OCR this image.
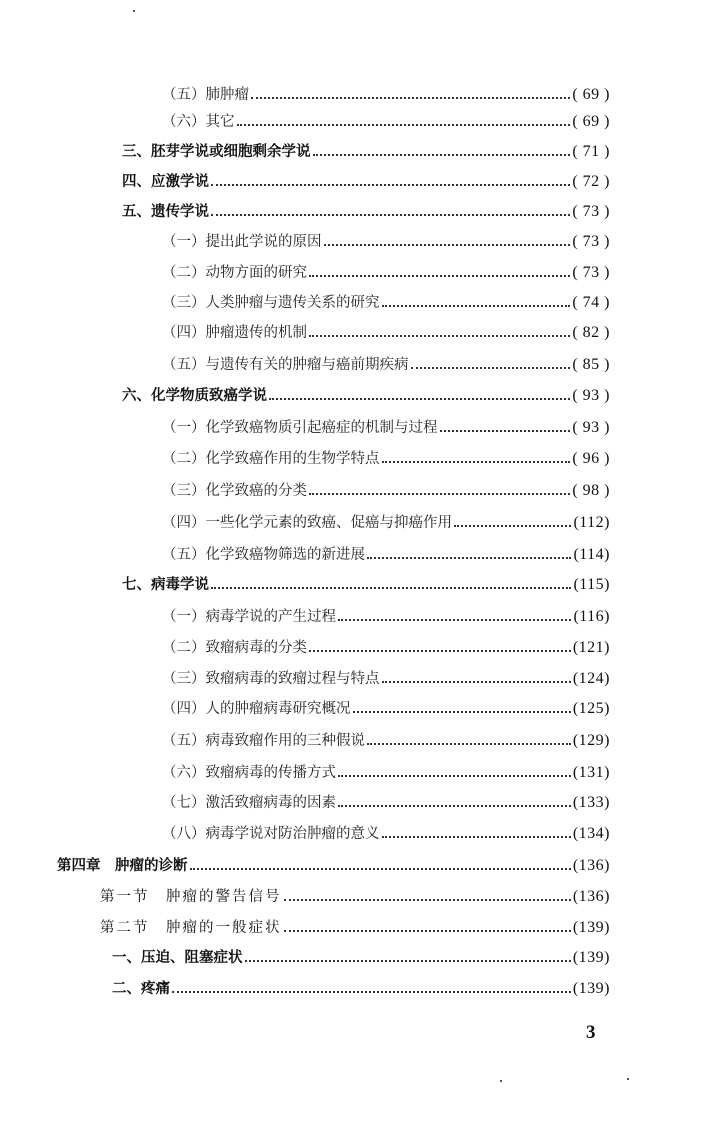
（五）肺肿瘤	( 69 )
（六）其它	( 69 )
三、胚芽学说或细胞剩余学说	( 71 )
四、应激学说	( 72 )
五、遗传学说	( 73 )
（一）提出此学说的原因	( 73 )
（二）动物方面的研究	( 73 )
（三）人类肿瘤与遗传关系的研究	( 74 )
（四）肿瘤遗传的机制	( 82 )
（五）与遗传有关的肿瘤与癌前期疾病	( 85 )
六、化学物质致癌学说	( 93 )
（一）化学致癌物质引起癌症的机制与过程	( 93 )
（二）化学致癌作用的生物学特点	( 96 )
（三）化学致癌的分类	( 98 )
（四）一些化学元素的致癌、促癌与抑癌作用	(112)
（五）化学致癌物筛选的新进展	(114)
七、病毒学说	(115)
（一）病毒学说的产生过程	(116)
（二）致瘤病毒的分类	(121)
（三）致瘤病毒的致瘤过程与特点	(124)
（四）人的肿瘤病毒研究概况	(125)
（五）病毒致瘤作用的三种假说	(129)
（六）致瘤病毒的传播方式	(131)
（七）激活致瘤病毒的因素	(133)
（八）病毒学说对防治肿瘤的意义	(134)
第四章　肿瘤的诊断	(136)
第一节　肿瘤的警告信号	(136)
第二节　肿瘤的一般症状	(139)
一、压迫、阻塞症状	(139)
二、疼痛	(139)
3
